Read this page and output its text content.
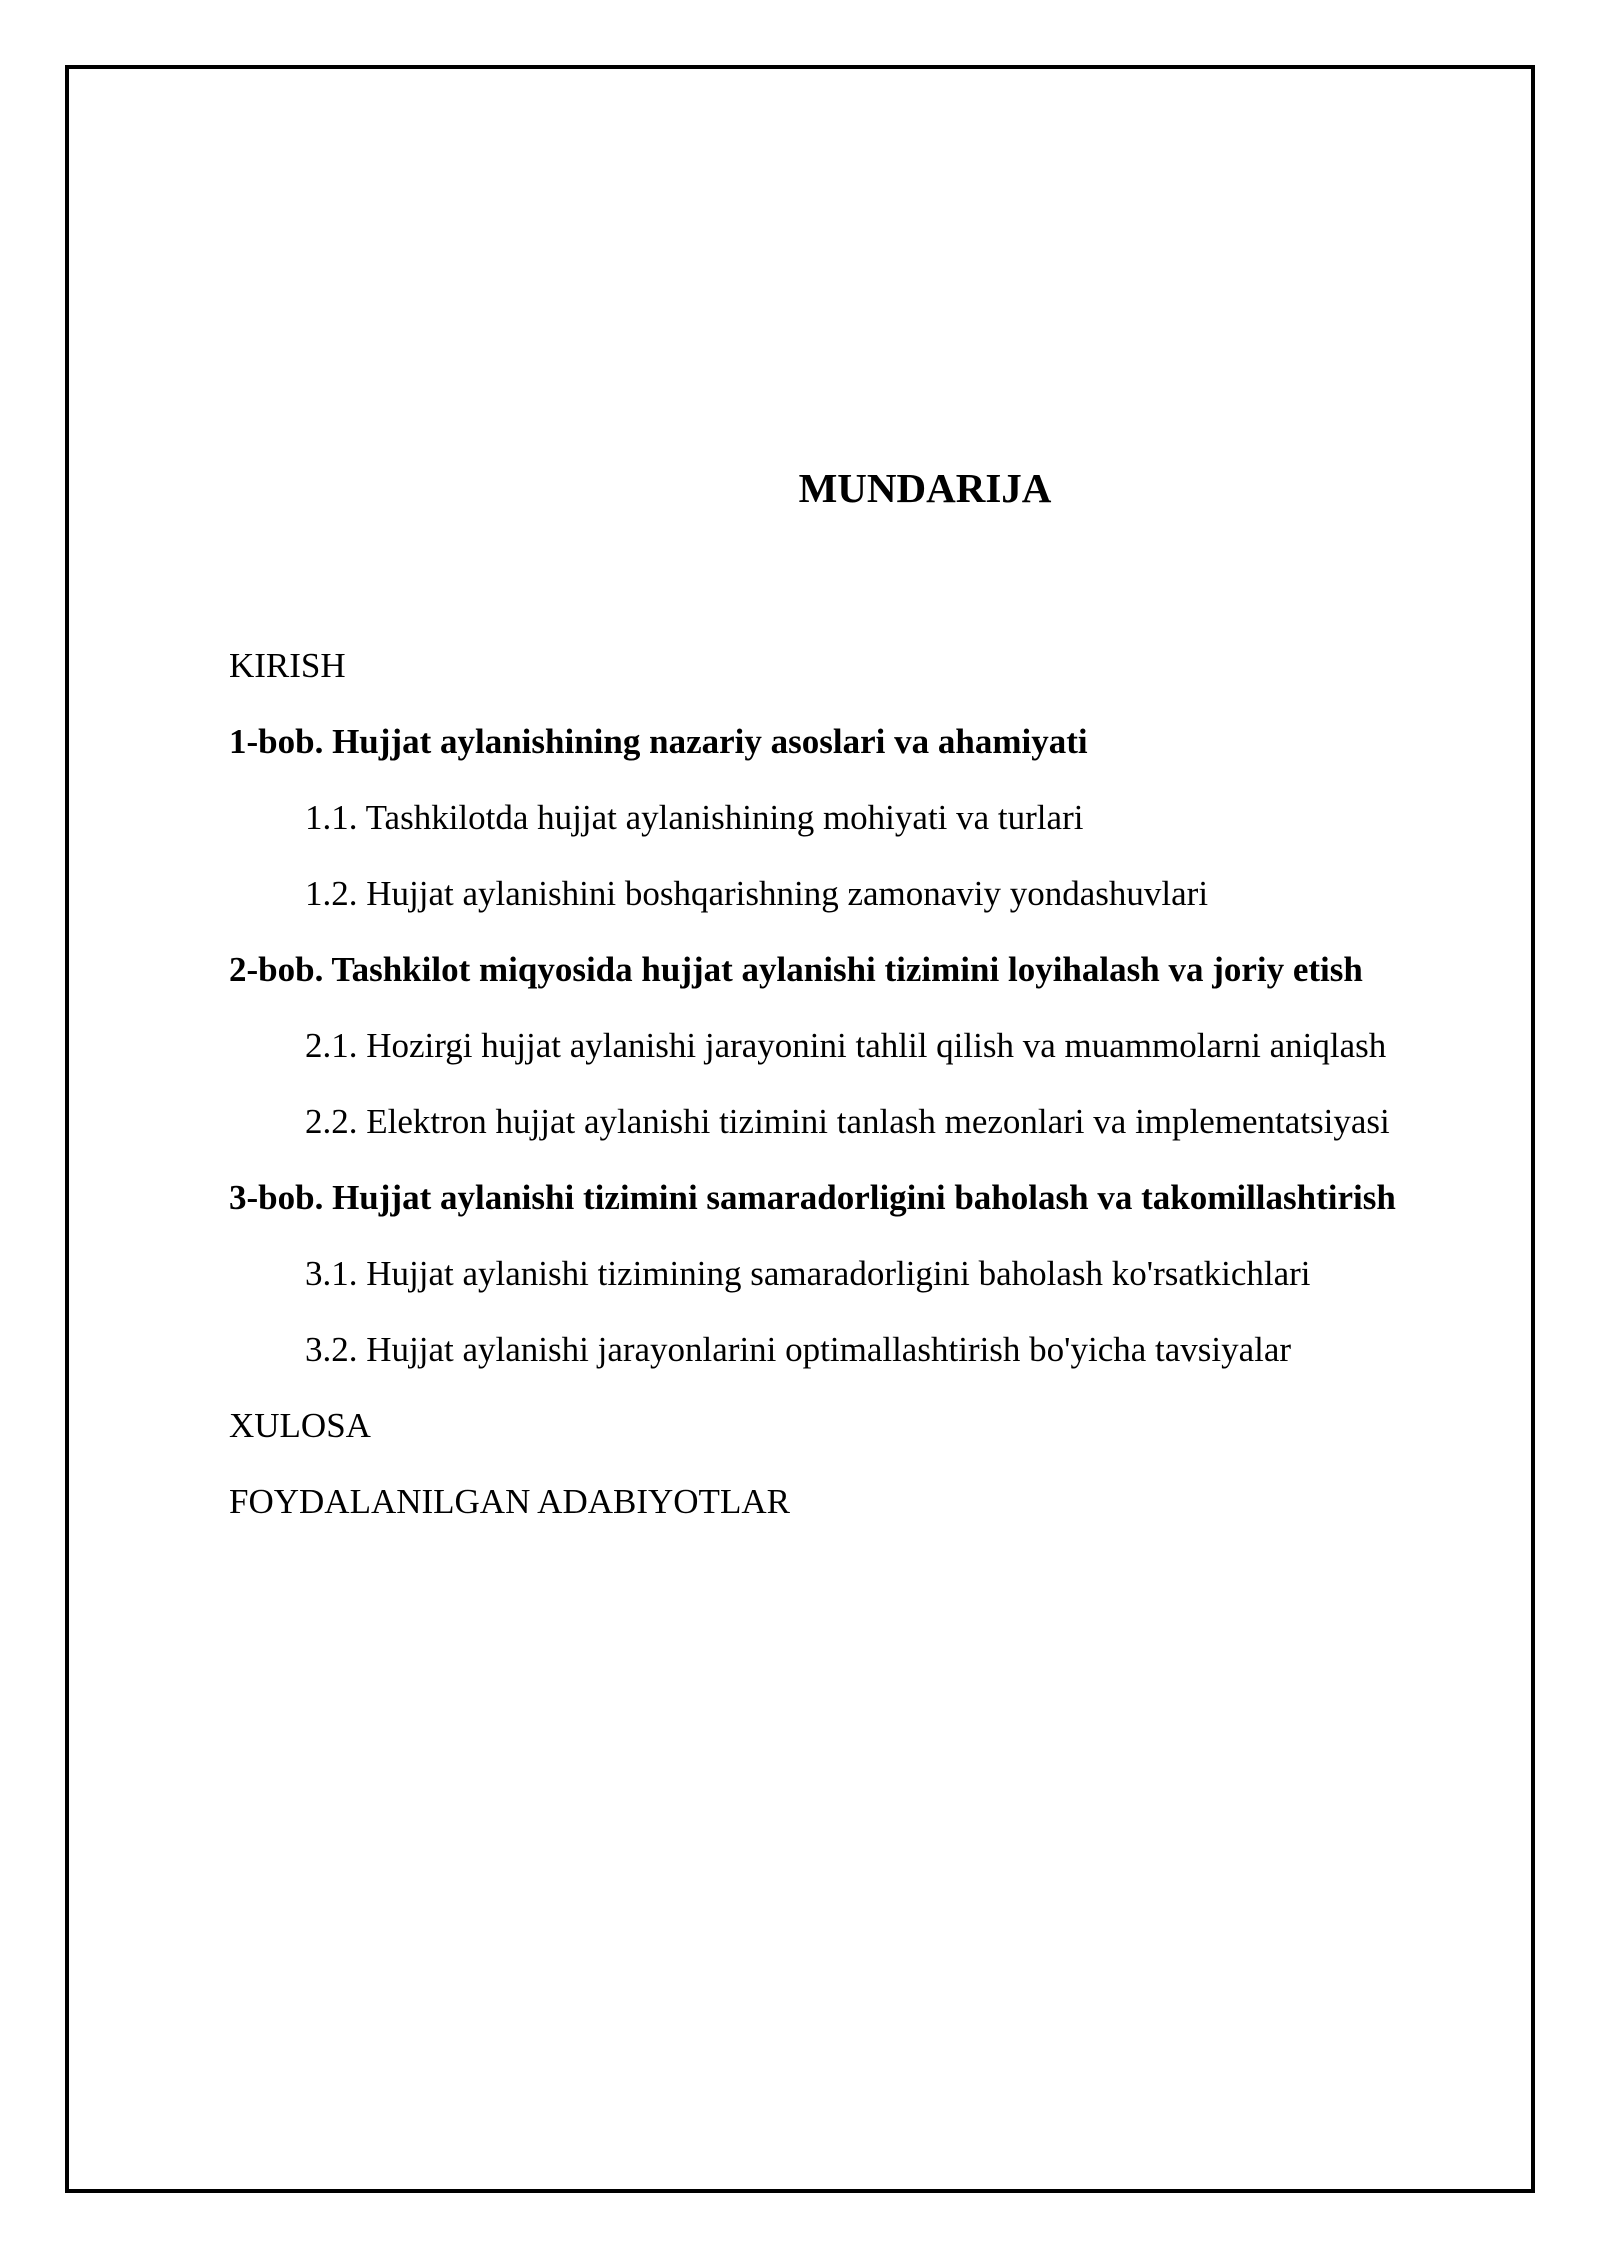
MUNDARIJA
KIRISH
1-bob. Hujjat aylanishining nazariy asoslari va ahamiyati
1.1. Tashkilotda hujjat aylanishining mohiyati va turlari
1.2. Hujjat aylanishini boshqarishning zamonaviy yondashuvlari
2-bob. Tashkilot miqyosida hujjat aylanishi tizimini loyihalash va joriy etish
2.1. Hozirgi hujjat aylanishi jarayonini tahlil qilish va muammolarni aniqlash
2.2. Elektron hujjat aylanishi tizimini tanlash mezonlari va implementatsiyasi
3-bob. Hujjat aylanishi tizimini samaradorligini baholash va takomillashtirish
3.1. Hujjat aylanishi tizimining samaradorligini baholash ko'rsatkichlari
3.2. Hujjat aylanishi jarayonlarini optimallashtirish bo'yicha tavsiyalar
XULOSA
FOYDALANILGAN ADABIYOTLAR
